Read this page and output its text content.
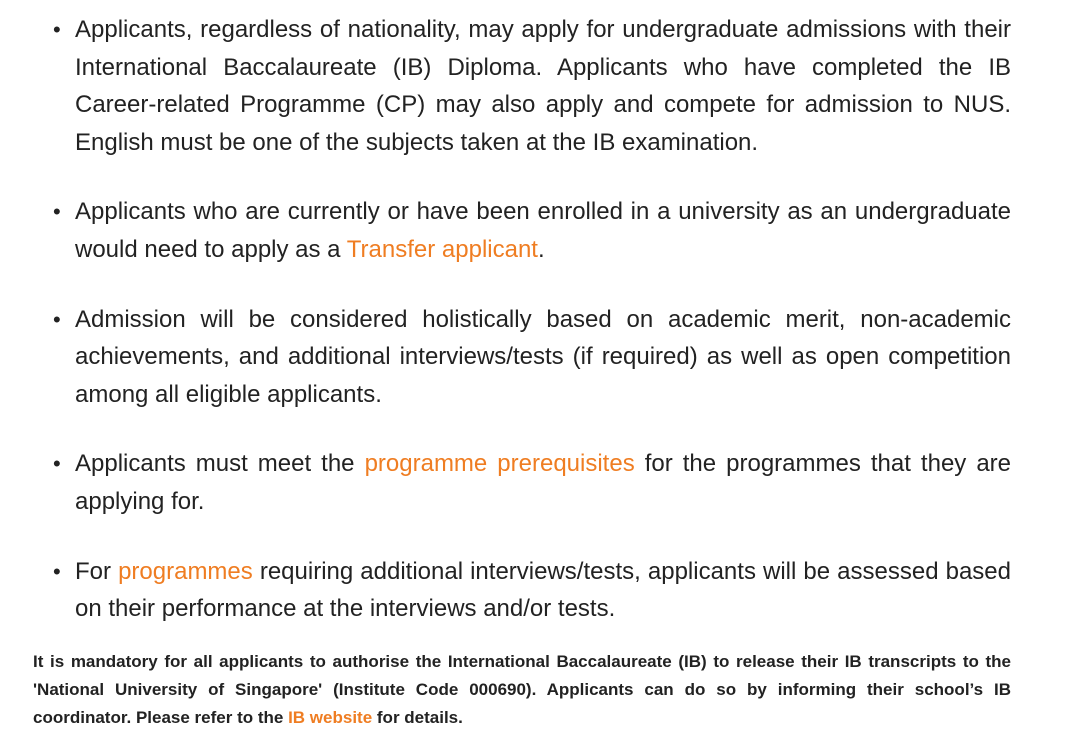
• Applicants, regardless of nationality, may apply for undergraduate admissions with their International Baccalaureate (IB) Diploma. Applicants who have completed the IB Career-related Programme (CP) may also apply and compete for admission to NUS. English must be one of the subjects taken at the IB examination.
• Applicants who are currently or have been enrolled in a university as an undergraduate would need to apply as a Transfer applicant.
• Admission will be considered holistically based on academic merit, non-academic achievements, and additional interviews/tests (if required) as well as open competition among all eligible applicants.
• Applicants must meet the programme prerequisites for the programmes that they are applying for.
• For programmes requiring additional interviews/tests, applicants will be assessed based on their performance at the interviews and/or tests.

It is mandatory for all applicants to authorise the International Baccalaureate (IB) to release their IB transcripts to the 'National University of Singapore' (Institute Code 000690). Applicants can do so by informing their school’s IB coordinator. Please refer to the IB website for details.
